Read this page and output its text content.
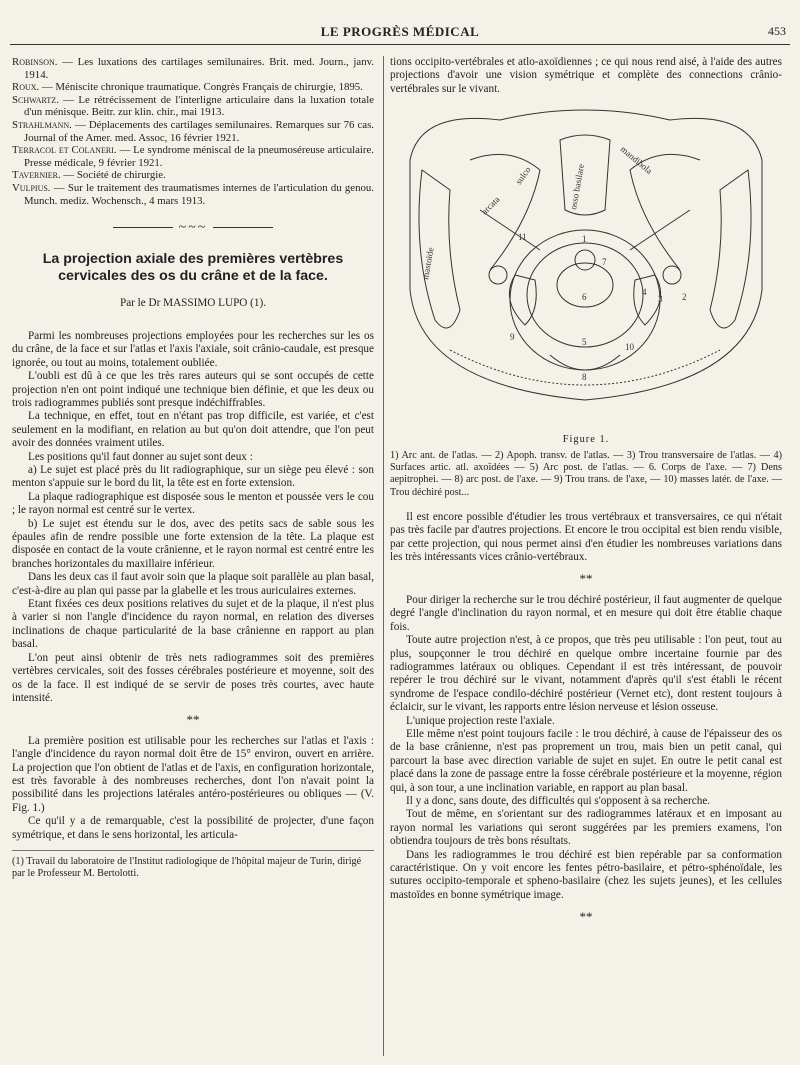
LE PROGRÈS MÉDICAL	453

Robinson. — Les luxations des cartilages semilunaires. Brit. med. Journ., janv. 1914.

Roux. — Méniscite chronique traumatique. Congrès Français de chirurgie, 1895.

Schwartz. — Le rétrécissement de l'interligne articulaire dans la luxation totale d'un ménisque. Beitr. zur klin. chir., mai 1913.

Strahlmann. — Déplacements des cartilages semilunaires. Remarques sur 76 cas. Journal of the Amer. med. Assoc, 16 février 1921.

Terracol et Colaneri. — Le syndrome méniscal de la pneumoséreuse articulaire. Presse médicale, 9 février 1921.

Tavernier. — Société de chirurgie.

Vulpius. — Sur le traitement des traumatismes internes de l'articulation du genou. Munch. mediz. Wochensch., 4 mars 1913.

~~~
La projection axiale des premières vertèbres cervicales des os du crâne et de la face.
Par le Dr MASSIMO LUPO (1).

Parmi les nombreuses projections employées pour les recherches sur les os du crâne, de la face et sur l'atlas et l'axis l'axiale, soit crânio-caudale, est presque ignorée, ou tout au moins, totalement oubliée.

L'oubli est dû à ce que les très rares auteurs qui se sont occupés de cette projection n'en ont point indiqué une technique bien définie, et que les deux ou trois radiogrammes publiés sont presque indéchiffrables.

La technique, en effet, tout en n'étant pas trop difficile, est variée, et c'est seulement en la modifiant, en relation au but qu'on doit attendre, que l'on peut avoir des données vraiment utiles.

Les positions qu'il faut donner au sujet sont deux :

a) Le sujet est placé près du lit radiographique, sur un siège peu élevé : son menton s'appuie sur le bord du lit, la tête est en forte extension.

La plaque radiographique est disposée sous le menton et poussée vers le cou ; le rayon normal est centré sur le vertex.

b) Le sujet est étendu sur le dos, avec des petits sacs de sable sous les épaules afin de rendre possible une forte extension de la tête. La plaque est disposée en contact de la voute crânienne, et le rayon normal est centré entre les branches horizontales du maxillaire inférieur.

Dans les deux cas il faut avoir soin que la plaque soit parallèle au plan basal, c'est-à-dire au plan qui passe par la glabelle et les trous auriculaires externes.

Etant fixées ces deux positions relatives du sujet et de la plaque, il n'est plus à varier si non l'angle d'incidence du rayon normal, en relation des diverses inclinations de chaque particularité de la base crânienne en rapport au plan basal.

L'on peut ainsi obtenir de très nets radiogrammes soit des premières vertèbres cervicales, soit des fosses cérébrales postérieure et moyenne, soit des os de la face. Il est indiqué de se servir de poses très courtes, avec haute intensité.

**

La première position est utilisable pour les recherches sur l'atlas et l'axis : l'angle d'incidence du rayon normal doit être de 15° environ, ouvert en arrière. La projection que l'on obtient de l'atlas et de l'axis, en configuration horizontale, est très favorable à des nombreuses recherches, dont l'on n'avait point la possibilité dans les projections latérales antéro-postérieures ou obliques — (V. Fig. 1.)

Ce qu'il y a de remarquable, c'est la possibilité de projecter, d'une façon symétrique, et dans le sens horizontal, les articula-

(1) Travail du laboratoire de l'Institut radiologique de l'hôpital majeur de Turin, dirigé par le Professeur M. Bertolotti.

tions occipito-vertébrales et atlo-axoïdiennes ; ce qui nous rend aisé, à l'aide des autres projections d'avoir une vision symétrique et complète des connections crânio-vertébrales sur le vivant.

mastoïde
arcata
mandibola
sulco	osso basilare
1
2
3
4
5
6
7
8
9
10
11
Figure 1.
1) Arc ant. de l'atlas. — 2) Apoph. transv. de l'atlas. — 3) Trou transversaire de l'atlas. — 4) Surfaces artic. atl. axoïdées — 5) Arc post. de l'atlas. — 6. Corps de l'axe. — 7) Dens aepitrophei. — 8) arc post. de l'axe. — 9) Trou trans. de l'axe, — 10) masses latér. de l'axe. — Trou déchiré post...

Il est encore possible d'étudier les trous vertébraux et transversaires, ce qui n'était pas très facile par d'autres projections. Et encore le trou occipital est bien rendu visible, par cette projection, qui nous permet ainsi d'en étudier les nombreuses variations dans les très intéressants vices crânio-vertébraux.

**

Pour diriger la recherche sur le trou déchiré postérieur, il faut augmenter de quelque degré l'angle d'inclination du rayon normal, et en mesure qui doit être établie chaque fois.

Toute autre projection n'est, à ce propos, que très peu utilisable : l'on peut, tout au plus, soupçonner le trou déchiré en quelque ombre incertaine fournie par des radiogrammes latéraux ou obliques. Cependant il est très intéressant, de pouvoir repérer le trou déchiré sur le vivant, notamment d'après qu'il s'est établi le récent syndrome de l'espace condilo-déchiré postérieur (Vernet etc), dont restent toujours à éclaicir, sur le vivant, les rapports entre lésion nerveuse et lésion osseuse.

L'unique projection reste l'axiale.

Elle même n'est point toujours facile : le trou déchiré, à cause de l'épaisseur des os de la base crânienne, n'est pas proprement un trou, mais bien un petit canal, qui parcourt la base avec direction variable de sujet en sujet. En outre le petit canal est placé dans la zone de passage entre la fosse cérébrale postérieure et la moyenne, région qui, à son tour, a une inclination variable, en rapport au plan basal.

Il y a donc, sans doute, des difficultés qui s'opposent à sa recherche.

Tout de même, en s'orientant sur des radiogrammes latéraux et en imposant au rayon normal les variations qui seront suggérées par les premiers examens, l'on obtiendra toujours de très bons résultats.

Dans les radiogrammes le trou déchiré est bien repérable par sa conformation caractéristique. On y voit encore les fentes pétro-basilaire, et pétro-sphénoïdale, les sutures occipito-temporale et spheno-basilaire (chez les sujets jeunes), et les cellules mastoïdes en bonne symétrique image.

**
